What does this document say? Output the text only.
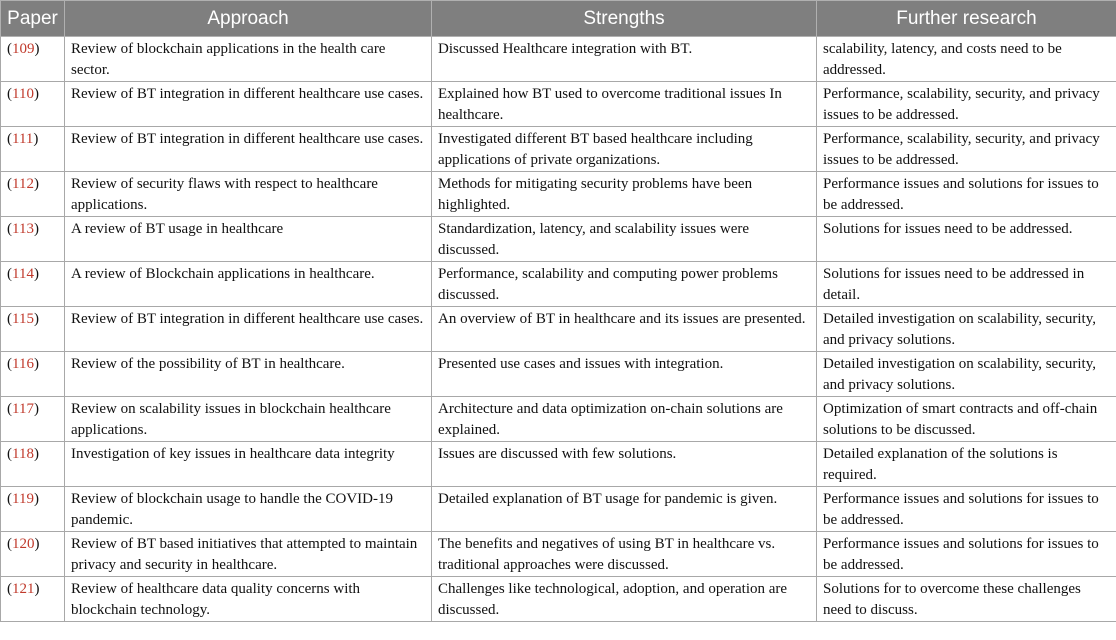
Paper	Approach	Strengths	Further research
(109)	Review of blockchain applications in the health care sector.	Discussed Healthcare integration with BT.	scalability, latency, and costs need to be addressed.
(110)	Review of BT integration in different healthcare use cases.	Explained how BT used to overcome traditional issues In healthcare.	Performance, scalability, security, and privacy issues to be addressed.
(111)	Review of BT integration in different healthcare use cases.	Investigated different BT based healthcare including applications of private organizations.	Performance, scalability, security, and privacy issues to be addressed.
(112)	Review of security flaws with respect to healthcare applications.	Methods for mitigating security problems have been highlighted.	Performance issues and solutions for issues to be addressed.
(113)	A review of BT usage in healthcare	Standardization, latency, and scalability issues were discussed.	Solutions for issues need to be addressed.
(114)	A review of Blockchain applications in healthcare.	Performance, scalability and computing power problems discussed.	Solutions for issues need to be addressed in detail.
(115)	Review of BT integration in different healthcare use cases.	An overview of BT in healthcare and its issues are presented.	Detailed investigation on scalability, security, and privacy solutions.
(116)	Review of the possibility of BT in healthcare.	Presented use cases and issues with integration.	Detailed investigation on scalability, security, and privacy solutions.
(117)	Review on scalability issues in blockchain healthcare applications.	Architecture and data optimization on-chain solutions are explained.	Optimization of smart contracts and off-chain solutions to be discussed.
(118)	Investigation of key issues in healthcare data integrity	Issues are discussed with few solutions.	Detailed explanation of the solutions is required.
(119)	Review of blockchain usage to handle the COVID-19 pandemic.	Detailed explanation of BT usage for pandemic is given.	Performance issues and solutions for issues to be addressed.
(120)	Review of BT based initiatives that attempted to maintain privacy and security in healthcare.	The benefits and negatives of using BT in healthcare vs. traditional approaches were discussed.	Performance issues and solutions for issues to be addressed.
(121)	Review of healthcare data quality concerns with blockchain technology.	Challenges like technological, adoption, and operation are discussed.	Solutions for to overcome these challenges need to discuss.
